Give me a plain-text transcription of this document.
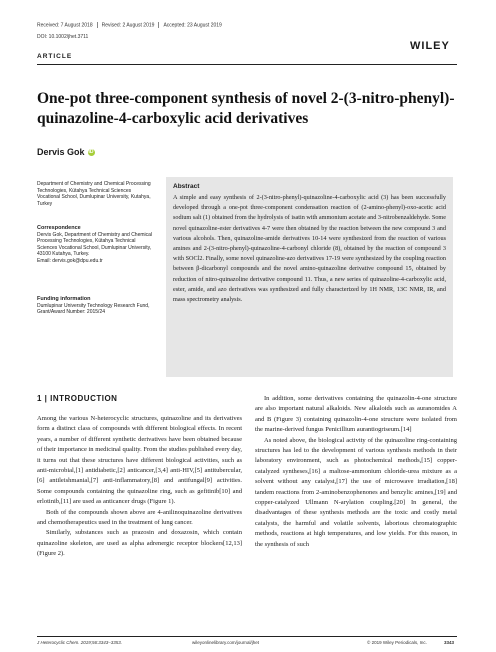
Received: 7 August 2018 Revised: 2 August 2019 Accepted: 23 August 2019
DOI: 10.1002/jhet.3711
ARTICLE
WILEY
One-pot three-component synthesis of novel 2-(3-nitro-phenyl)-quinazoline-4-carboxylic acid derivatives
Dervis Gok iD
Department of Chemistry and Chemical Processing Technologies, Kütahya Technical Sciences Vocational School, Dumlupinar University, Kutahya, Turkey
Correspondence
Dervis Gok, Department of Chemistry and Chemical Processing Technologies, Kütahya Technical Sciences Vocational School, Dumlupinar University, 43100 Kutahya, Turkey.
Email: dervis.gok@dpu.edu.tr
Funding information
Dumlupinar University Technology Research Fund, Grant/Award Number: 2015/24
Abstract

A simple and easy synthesis of 2-(3-nitro-phenyl)-quinazoline-4-carboxylic acid (3) has been successfully developed through a one-pot three-component condensation reaction of (2-amino-phenyl)-oxo-acetic acid sodium salt (1) obtained from the hydrolysis of isatin with ammonium acetate and 3-nitrobenzaldehyde. Some novel quinazoline-ester derivatives 4-7 were then obtained by the reaction between the new compound 3 and various alcohols. Then, quinazoline-amide derivatives 10-14 were synthesized from the reaction of various amines and 2-(3-nitro-phenyl)-quinazoline-4-carbonyl chloride (8), obtained by the reaction of compound 3 with SOCl2. Finally, some novel quinazoline-azo derivatives 17-19 were synthesized by the coupling reaction between β-dicarbonyl compounds and the novel amino-quinazoline derivative compound 15, obtained by reduction of nitro-quinazoline derivative compound 11. Thus, a new series of quinazoline-4-carboxylic acid, ester, amide, and azo derivatives was synthesized and fully characterized by 1H NMR, 13C NMR, IR, and mass spectrometry analysis.

1 | INTRODUCTION

Among the various N-heterocyclic structures, quinazoline and its derivatives form a distinct class of compounds with different biological effects. In recent years, a number of different synthetic derivatives have been obtained because of their importance in medicinal quality. From the studies published every day, it turns out that these structures have different biological activities, such as anti-microbial,[1] antidiabetic,[2] anticancer,[3,4] anti-HIV,[5] antitubercular,[6] antileishmanial,[7] anti-inflammatory,[8] and antifungal[9] activities. Some compounds containing the quinazoline ring, such as gefitinib[10] and erlotinib,[11] are used as anticancer drugs (Figure 1).

Both of the compounds shown above are 4-anilinoquinazoline derivatives and chemotherapeutics used in the treatment of lung cancer.

Similarly, substances such as prazosin and doxazosin, which contain quinazoline skeleton, are used as alpha adrenergic receptor blockers[12,13] (Figure 2).

In addition, some derivatives containing the quinazolin-4-one structure are also important natural alkaloids. New alkaloids such as auranomides A and B (Figure 3) containing quinazolin-4-one structure were isolated from the marine-derived fungus Penicillium aurantiogriseum.[14]

As noted above, the biological activity of the quinazoline ring-containing structures has led to the development of various synthesis methods in their laboratory environment, such as photochemical methods,[15] copper-catalyzed syntheses,[16] a maltose-ammonium chloride-urea mixture as a solvent without any catalyst,[17] the use of microwave irradiation,[18] tandem reactions from 2-aminobenzophenones and benzylic amines,[19] and copper-catalyzed Ullmann N-arylation coupling.[20] In general, the disadvantages of these synthesis methods are the toxic and costly metal catalysts, the harmful and volatile solvents, laborious chromatographic methods, reactions at high temperatures, and low yields. For this reason, in the synthesis of such

J Heterocyclic Chem. 2019;56:3343–3353.	wileyonlinelibrary.com/journal/jhet	© 2019 Wiley Periodicals, Inc.	3343
